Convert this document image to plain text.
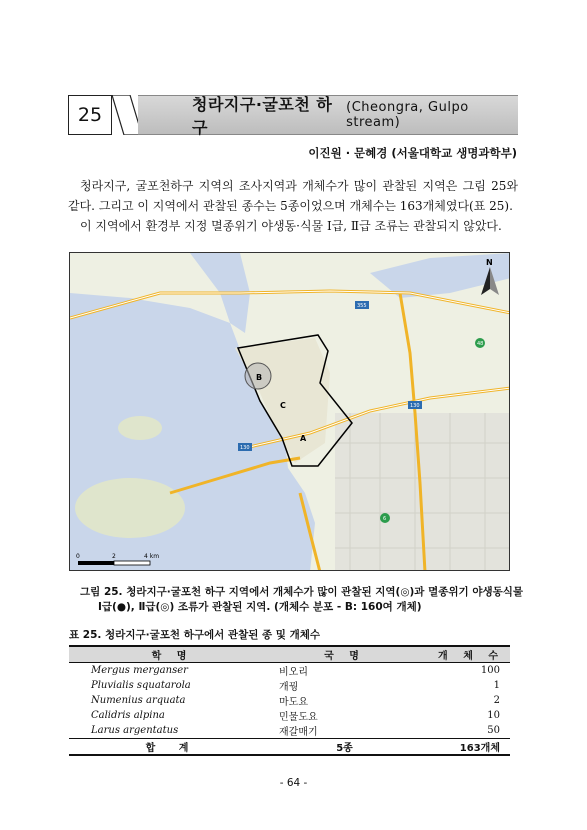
25	청라지구·굴포천 하구
(Cheongra, Gulpo stream)
이진원 · 문혜경 (서울대학교 생명과학부)
청라지구, 굴포천하구 지역의 조사지역과 개체수가 많이 관찰된 지역은 그림 25와 같다. 그리고 이 지역에서 관찰된 종수는 5종이었으며 개체수는 163개체였다(표 25).
이 지역에서 환경부 지정 멸종위기 야생동·식물 Ⅰ급, Ⅱ급 조류는 관찰되지 않았다.
B
C
A
355
130
130
48
6
N
0	2	4 km
그림 25. 청라지구·굴포천 하구 지역에서 개체수가 많이 관찰된 지역(◎)과 멸종위기 야생동식물 Ⅰ급(●), Ⅱ급(◎) 조류가 관찰된 지역. (개체수 분포 - B: 160여 개체)
표 25. 청라지구·굴포천 하구에서 관찰된 종 및 개체수
학 명	국 명	개 체 수
Mergus merganser	비오리	100
Pluvialis squatarola	개꿩	1
Numenius arquata	마도요	2
Calidris alpina	민물도요	10
Larus argentatus	재갈매기	50
합 계	5종	163개체
- 64 -
